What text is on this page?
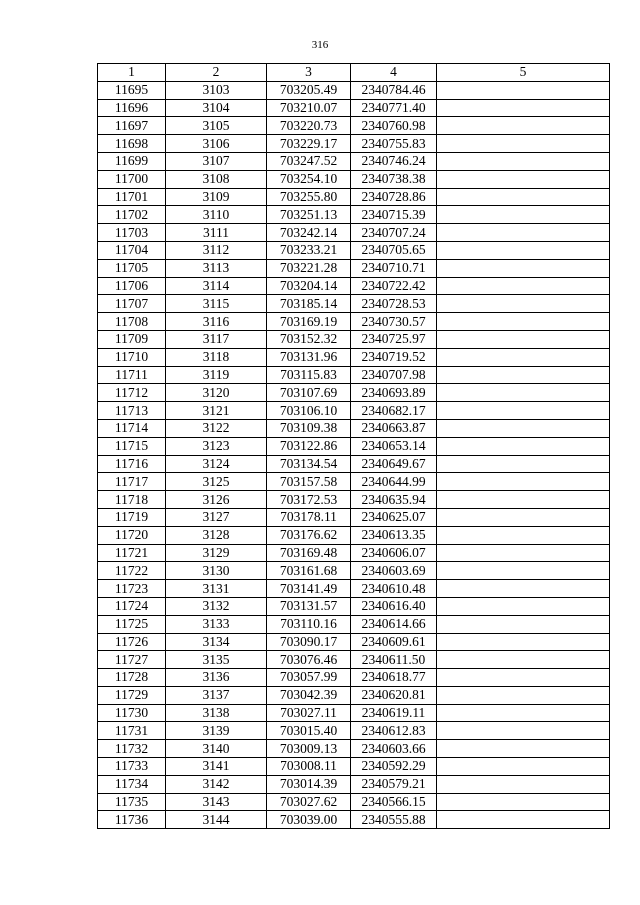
316
1	2	3	4	5
11695	3103	703205.49	2340784.46	
11696	3104	703210.07	2340771.40	
11697	3105	703220.73	2340760.98	
11698	3106	703229.17	2340755.83	
11699	3107	703247.52	2340746.24	
11700	3108	703254.10	2340738.38	
11701	3109	703255.80	2340728.86	
11702	3110	703251.13	2340715.39	
11703	3111	703242.14	2340707.24	
11704	3112	703233.21	2340705.65	
11705	3113	703221.28	2340710.71	
11706	3114	703204.14	2340722.42	
11707	3115	703185.14	2340728.53	
11708	3116	703169.19	2340730.57	
11709	3117	703152.32	2340725.97	
11710	3118	703131.96	2340719.52	
11711	3119	703115.83	2340707.98	
11712	3120	703107.69	2340693.89	
11713	3121	703106.10	2340682.17	
11714	3122	703109.38	2340663.87	
11715	3123	703122.86	2340653.14	
11716	3124	703134.54	2340649.67	
11717	3125	703157.58	2340644.99	
11718	3126	703172.53	2340635.94	
11719	3127	703178.11	2340625.07	
11720	3128	703176.62	2340613.35	
11721	3129	703169.48	2340606.07	
11722	3130	703161.68	2340603.69	
11723	3131	703141.49	2340610.48	
11724	3132	703131.57	2340616.40	
11725	3133	703110.16	2340614.66	
11726	3134	703090.17	2340609.61	
11727	3135	703076.46	2340611.50	
11728	3136	703057.99	2340618.77	
11729	3137	703042.39	2340620.81	
11730	3138	703027.11	2340619.11	
11731	3139	703015.40	2340612.83	
11732	3140	703009.13	2340603.66	
11733	3141	703008.11	2340592.29	
11734	3142	703014.39	2340579.21	
11735	3143	703027.62	2340566.15	
11736	3144	703039.00	2340555.88	
